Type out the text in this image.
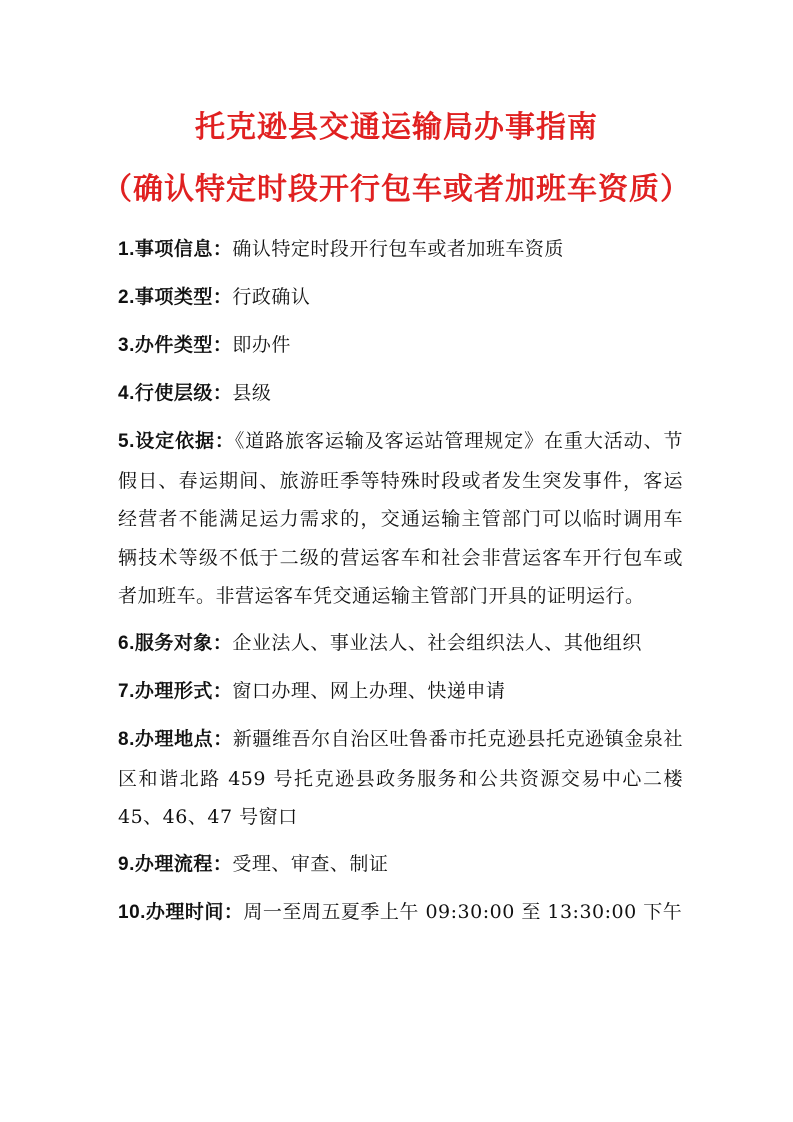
托克逊县交通运输局办事指南
（确认特定时段开行包车或者加班车资质）

1.事项信息：确认特定时段开行包车或者加班车资质

2.事项类型：行政确认

3.办件类型：即办件

4.行使层级：县级

5.设定依据：《道路旅客运输及客运站管理规定》在重大活动、节假日、春运期间、旅游旺季等特殊时段或者发生突发事件，客运经营者不能满足运力需求的，交通运输主管部门可以临时调用车辆技术等级不低于二级的营运客车和社会非营运客车开行包车或者加班车。非营运客车凭交通运输主管部门开具的证明运行。

6.服务对象：企业法人、事业法人、社会组织法人、其他组织

7.办理形式：窗口办理、网上办理、快递申请

8.办理地点：新疆维吾尔自治区吐鲁番市托克逊县托克逊镇金泉社区和谐北路 459 号托克逊县政务服务和公共资源交易中心二楼 45、46、47 号窗口

9.办理流程：受理、审查、制证

10.办理时间：周一至周五夏季上午 09:30:00 至 13:30:00 下午
